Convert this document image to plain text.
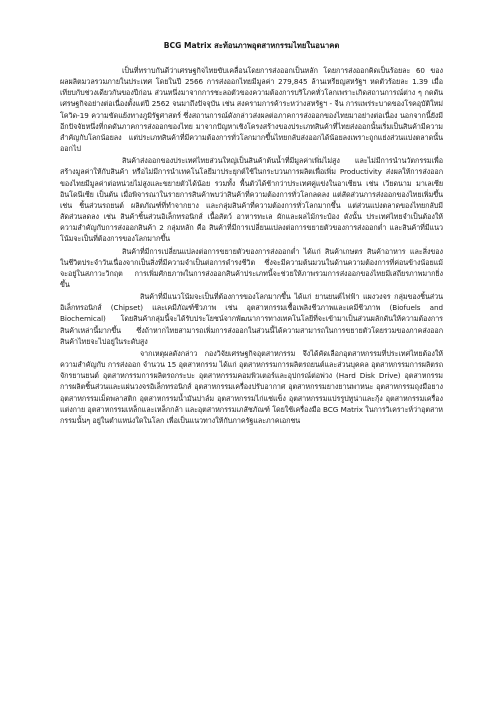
BCG Matrix สะท้อนภาพอุตสาหกรรมไทยในอนาคต

เป็นที่ทราบกันดีว่าเศรษฐกิจไทยขับเคลื่อนโดยการส่งออกเป็นหลัก โดยการส่งออกคิดเป็นร้อยละ 60 ของผลผลิตมวลรวมภายในประเทศ โดยในปี 2566 การส่งออกไทยมีมูลค่า 279,845 ล้านเหรียญสหรัฐฯ หดตัวร้อยละ 1.39 เมื่อเทียบกับช่วงเดียวกันของปีก่อน ส่วนหนึ่งมาจากการชะลอตัวของความต้องการบริโภคทั่วโลกเพราะเกิดสถานการณ์ต่าง ๆ กดดันเศรษฐกิจอย่างต่อเนื่องตั้งแต่ปี 2562 จนมาถึงปัจจุบัน เช่น สงครามการค้าระหว่างสหรัฐฯ - จีน การแพร่ระบาดของโรคอุบัติใหม่ โควิด-19 ความขัดแย้งทางภูมิรัฐศาสตร์ ซึ่งสถานการณ์ดังกล่าวส่งผลต่อภาคการส่งออกของไทยมาอย่างต่อเนื่อง นอกจากนี้ยังมีอีกปัจจัยหนึ่งที่กดดันภาคการส่งออกของไทย มาจากปัญหาเชิงโครงสร้างของประเภทสินค้าที่ไทยส่งออกนั้นเริ่มเป็นสินค้ามีความสำคัญกับโลกน้อยลง แต่ประเภทสินค้าที่มีความต้องการทั่วโลกมากขึ้นไทยกลับส่งออกได้น้อยลงเพราะถูกแย่งส่วนแบ่งตลาดนั้นออกไป

สินค้าส่งออกของประเทศไทยส่วนใหญ่เป็นสินค้าต้นน้ำที่มีมูลค่าเพิ่มไม่สูง และไม่มีการนำนวัตกรรมเพื่อสร้างมูลค่าให้กับสินค้า หรือไม่มีการนำเทคโนโลยีมาประยุกต์ใช้ในกระบวนการผลิตเพื่อเพิ่ม Productivity ส่งผลให้การส่งออกของไทยมีมูลค่าต่อหน่วยไม่สูงและขยายตัวได้น้อย รวมทั้ง พื้นตัวได้ช้ากว่าประเทศคู่แข่งในอาเซียน เช่น เวียดนาม มาเลเซีย อินโดนีเซีย เป็นต้น เมื่อพิจารณาในรายการสินค้าพบว่าสินค้าที่ความต้องการทั่วโลกลดลง แต่สัดส่วนการส่งออกของไทยเพิ่มขึ้น เช่น ชิ้นส่วนรถยนต์ ผลิตภัณฑ์ที่ทำจากยาง และกลุ่มสินค้าที่ความต้องการทั่วโลกมากขึ้น แต่ส่วนแบ่งตลาดของไทยกลับมีสัดส่วนลดลง เช่น สินค้าชิ้นส่วนอิเล็กทรอนิกส์ เนื้อสัตว์ อาหารทะเล ผักและผลไม้กระป๋อง ดังนั้น ประเทศไทยจำเป็นต้องให้ความสำคัญกับการส่งออกสินค้า 2 กลุ่มหลัก คือ สินค้าที่มีการเปลี่ยนแปลงต่อการขยายตัวของการส่งออกต่ำ และสินค้าที่มีแนวโน้มจะเป็นที่ต้องการของโลกมากขึ้น

สินค้าที่มีการเปลี่ยนแปลงต่อการขยายตัวของการส่งออกต่ำ ได้แก่ สินค้าเกษตร สินค้าอาหาร และสิ่งของในชีวิตประจำวันเนื่องจากเป็นสิ่งที่มีความจำเป็นต่อการดำรงชีวิต ซึ่งจะมีความต้นมวนในด้านความต้องการที่ค่อนข้างน้อยแม้จะอยู่ในสภาวะวิกฤต การเพิ่มศักยภาพในการส่งออกสินค้าประเภทนี้จะช่วยให้ภาพรวมการส่งออกของไทยมีเสถียรภาพมากยิ่งขึ้น

สินค้าที่มีแนวโน้มจะเป็นที่ต้องการของโลกมากขึ้น ได้แก่ ยานยนต์ไฟฟ้า แผงวงจร กลุ่มของชิ้นส่วนอิเล็กทรอนิกส์ (Chipset) และเคมีภัณฑ์ชีวภาพ เช่น อุตสาหกรรมเชื้อเพลิงชีวภาพและเคมีชีวภาพ (Biofuels and Biochemical) โดยสินค้ากลุ่มนี้จะได้รับประโยชน์จากพัฒนาการทางเทคโนโลยีที่จะเข้ามาเป็นส่วนผลักดันให้ความต้องการสินค้าเหล่านี้มากขึ้น ซึ่งถ้าหากไทยสามารถเพิ่มการส่งออกในส่วนนี้ได้ความสามารถในการขยายตัวโดยรวมของภาคส่งออกสินค้าไทยจะไปอยู่ในระดับสูง

จากเหตุผลดังกล่าว กองวิจัยเศรษฐกิจอุตสาหกรรม จึงได้คัดเลือกอุตสาหกรรมที่ประเทศไทยต้องให้ความสำคัญกับ การส่งออก จำนวน 15 อุตสาหกรรม ได้แก่ อุตสาหกรรมการผลิตรถยนต์และส่วนบุคคล อุตสาหกรรมการผลิตรถจักรยานยนต์ อุตสาหกรรมการผลิตรถกระบะ อุตสาหกรรมคอมพิวเตอร์และอุปกรณ์ต่อพ่วง (Hard Disk Drive) อุตสาหกรรมการผลิตชิ้นส่วนและแผ่นวงจรอิเล็กทรอนิกส์ อุตสาหกรรมเครื่องปรับอากาศ อุตสาหกรรมยางยานพาหนะ อุตสาหกรรมถุงมือยาง อุตสาหกรรมเม็ดพลาสติก อุตสาหกรรมน้ำมันปาล์ม อุตสาหกรรมไก่แช่แข็ง อุตสาหกรรมแปรรูปทูน่าและกุ้ง อุตสาหกรรมเครื่องแต่งกาย อุตสาหกรรมเหล็กและเหล็กกล้า และอุตสาหกรรมเภสัชภัณฑ์ โดยใช้เครื่องมือ BCG Matrix ในการวิเคราะห์ว่าอุตสาหกรรมนั้นๆ อยู่ในตำแหน่งใดในโลก เพื่อเป็นแนวทางให้กับภาครัฐและภาคเอกชน
